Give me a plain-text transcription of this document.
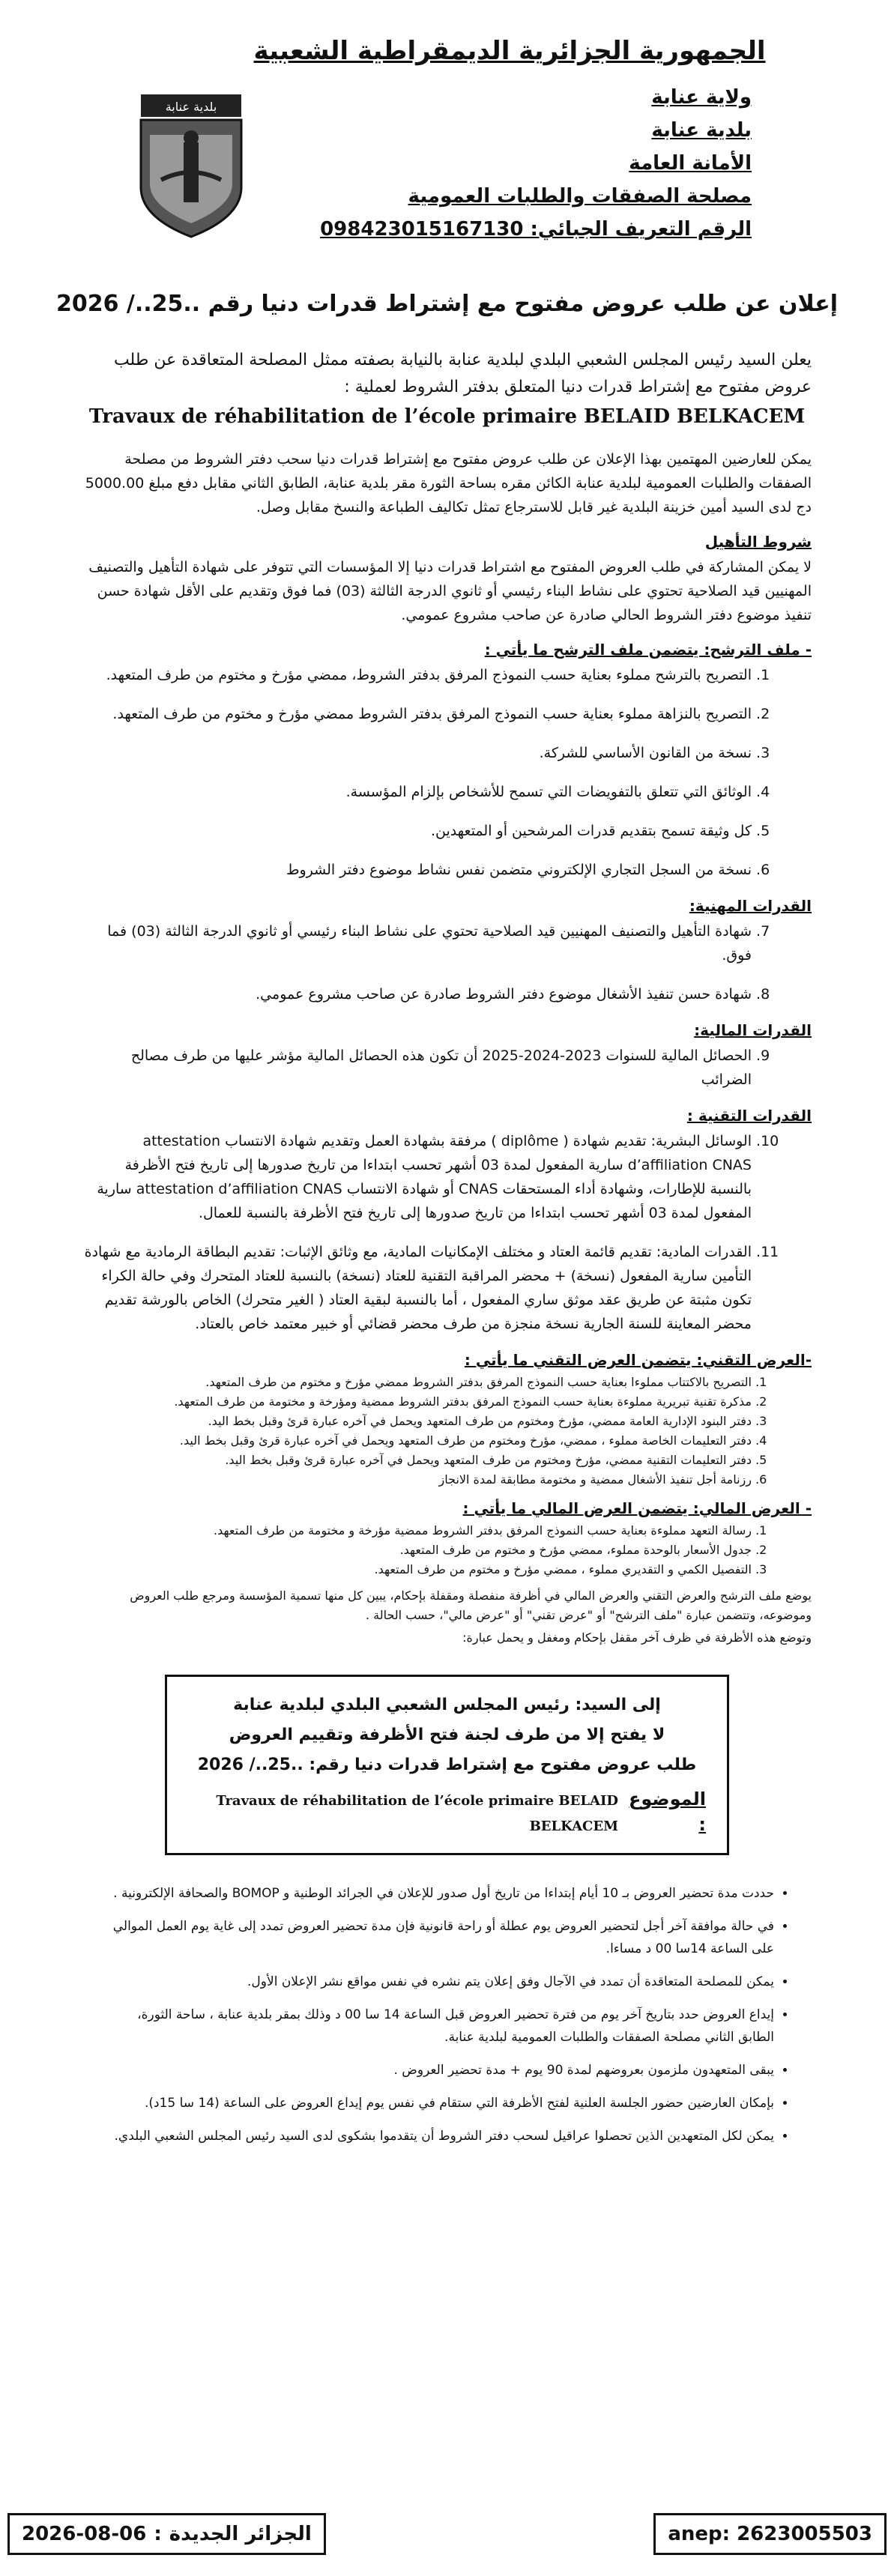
الجمهورية الجزائرية الديمقراطية الشعبية
بلدية عنابة	ولاية عنابة
بلدية عنابة
الأمانة العامة
مصلحة الصفقات والطلبات العمومية
الرقم التعريف الجبائي: 098423015167130
إعلان عن طلب عروض مفتوح مع إشتراط قدرات دنيا رقم ..25../ 2026
يعلن السيد رئيس المجلس الشعبي البلدي لبلدية عنابة بالنيابة بصفته ممثل المصلحة المتعاقدة عن طلب عروض مفتوح مع إشتراط قدرات دنيا المتعلق بدفتر الشروط لعملية :
Travaux de réhabilitation de l’école primaire BELAID BELKACEM
يمكن للعارضين المهتمين بهذا الإعلان عن طلب عروض مفتوح مع إشتراط قدرات دنيا سحب دفتر الشروط من مصلحة الصفقات والطلبات العمومية لبلدية عنابة الكائن مقره بساحة الثورة مقر بلدية عنابة، الطابق الثاني مقابل دفع مبلغ 5000.00 دج لدى السيد أمين خزينة البلدية غير قابل للاسترجاع تمثل تكاليف الطباعة والنسخ مقابل وصل.
شروط التأهيل
لا يمكن المشاركة في طلب العروض المفتوح مع اشتراط قدرات دنيا إلا المؤسسات التي تتوفر على شهادة التأهيل والتصنيف المهنيين قيد الصلاحية تحتوي على نشاط البناء رئيسي أو ثانوي الدرجة الثالثة (03) فما فوق وتقديم على الأقل شهادة حسن تنفيذ موضوع دفتر الشروط الحالي صادرة عن صاحب مشروع عمومي.
- ملف الترشح: يتضمن ملف الترشح ما يأتي :
1. التصريح بالترشح مملوء بعناية حسب النموذج المرفق بدفتر الشروط، ممضي مؤرخ و مختوم من طرف المتعهد.
2. التصريح بالنزاهة مملوء بعناية حسب النموذج المرفق بدفتر الشروط ممضي مؤرخ و مختوم من طرف المتعهد.
3. نسخة من القانون الأساسي للشركة.
4. الوثائق التي تتعلق بالتفويضات التي تسمح للأشخاص بإلزام المؤسسة.
5. كل وثيقة تسمح بتقديم قدرات المرشحين أو المتعهدين.
6. نسخة من السجل التجاري الإلكتروني متضمن نفس نشاط موضوع دفتر الشروط
القدرات المهنية:
7. شهادة التأهيل والتصنيف المهنيين قيد الصلاحية تحتوي على نشاط البناء رئيسي أو ثانوي الدرجة الثالثة (03) فما فوق.
8. شهادة حسن تنفيذ الأشغال موضوع دفتر الشروط صادرة عن صاحب مشروع عمومي.
القدرات المالية:
9. الحصائل المالية للسنوات 2023-2024-2025 أن تكون هذه الحصائل المالية مؤشر عليها من طرف مصالح الضرائب
القدرات التقنية :
10. الوسائل البشرية: تقديم شهادة ( diplôme ) مرفقة بشهادة العمل وتقديم شهادة الانتساب attestation d’affiliation CNAS سارية المفعول لمدة 03 أشهر تحسب ابتداءا من تاريخ صدورها إلى تاريخ فتح الأظرفة بالنسبة للإطارات، وشهادة أداء المستحقات CNAS أو شهادة الانتساب attestation d’affiliation CNAS سارية المفعول لمدة 03 أشهر تحسب ابتداءا من تاريخ صدورها إلى تاريخ فتح الأظرفة بالنسبة للعمال.
11. القدرات المادية: تقديم قائمة العتاد و مختلف الإمكانيات المادية، مع وثائق الإثبات: تقديم البطاقة الرمادية مع شهادة التأمين سارية المفعول (نسخة) + محضر المراقبة التقنية للعتاد (نسخة) بالنسبة للعتاد المتحرك وفي حالة الكراء تكون مثبتة عن طريق عقد موثق ساري المفعول ، أما بالنسبة لبقية العتاد ( الغير متحرك) الخاص بالورشة تقديم محضر المعاينة للسنة الجارية نسخة منجزة من طرف محضر قضائي أو خبير معتمد خاص بالعتاد.
-العرض التقني: يتضمن العرض التقني ما يأتي :
1. التصريح بالاكتتاب مملوءا بعناية حسب النموذج المرفق بدفتر الشروط ممضي مؤرخ و مختوم من طرف المتعهد.
2. مذكرة تقنية تبريرية مملوءة بعناية حسب النموذج المرفق بدفتر الشروط ممضية ومؤرخة و مختومة من طرف المتعهد.
3. دفتر البنود الإدارية العامة ممضي، مؤرخ ومختوم من طرف المتعهد ويحمل في آخره عبارة قرئ وقبل بخط اليد.
4. دفتر التعليمات الخاصة مملوء ، ممضي، مؤرخ ومختوم من طرف المتعهد ويحمل في آخره عبارة قرئ وقبل بخط اليد.
5. دفتر التعليمات التقنية ممضي، مؤرخ ومختوم من طرف المتعهد ويحمل في آخره عبارة قرئ وقبل بخط اليد.
6. رزنامة أجل تنفيذ الأشغال ممضية و مختومة مطابقة لمدة الانجاز
- العرض المالي: يتضمن العرض المالي ما يأتي :
1. رسالة التعهد مملوءة بعناية حسب النموذج المرفق بدفتر الشروط ممضية مؤرخة و مختومة من طرف المتعهد.
2. جدول الأسعار بالوحدة مملوء، ممضي مؤرخ و مختوم من طرف المتعهد.
3. التفصيل الكمي و التقديري مملوء ، ممضي مؤرخ و مختوم من طرف المتعهد.
يوضع ملف الترشح والعرض التقني والعرض المالي في أظرفة منفصلة ومقفلة بإحكام، يبين كل منها تسمية المؤسسة ومرجع طلب العروض وموضوعه، وتتضمن عبارة "ملف الترشح" أو "عرض تقني" أو "عرض مالي"، حسب الحالة .
وتوضع هذه الأظرفة في ظرف آخر مقفل بإحكام ومغفل و يحمل عبارة:
إلى السيد: رئيس المجلس الشعبي البلدي لبلدية عنابة
لا يفتح إلا من طرف لجنة فتح الأظرفة وتقييم العروض
طلب عروض مفتوح مع إشتراط قدرات دنيا رقم: ..25../ 2026
الموضوع :
Travaux de réhabilitation de l’école primaire BELAID BELKACEM
• حددت مدة تحضير العروض بـ 10 أيام إبتداءا من تاريخ أول صدور للإعلان في الجرائد الوطنية و BOMOP والصحافة الإلكترونية .
• في حالة موافقة آخر أجل لتحضير العروض يوم عطلة أو راحة قانونية فإن مدة تحضير العروض تمدد إلى غاية يوم العمل الموالي على الساعة 14سا 00 د مساءا.
• يمكن للمصلحة المتعاقدة أن تمدد في الآجال وفق إعلان يتم نشره في نفس مواقع نشر الإعلان الأول.
• إيداع العروض حدد بتاريخ آخر يوم من فترة تحضير العروض قبل الساعة 14 سا 00 د وذلك بمقر بلدية عنابة ، ساحة الثورة، الطابق الثاني مصلحة الصفقات والطلبات العمومية لبلدية عنابة.
• يبقى المتعهدون ملزمون بعروضهم لمدة 90 يوم + مدة تحضير العروض .
• بإمكان العارضين حضور الجلسة العلنية لفتح الأظرفة التي ستقام في نفس يوم إيداع العروض على الساعة (14 سا 15د).
• يمكن لكل المتعهدين الذين تحصلوا عراقيل لسحب دفتر الشروط أن يتقدموا بشكوى لدى السيد رئيس المجلس الشعبي البلدي.
2026-08-06 : الجزائر الجديدة	anep: 2623005503
